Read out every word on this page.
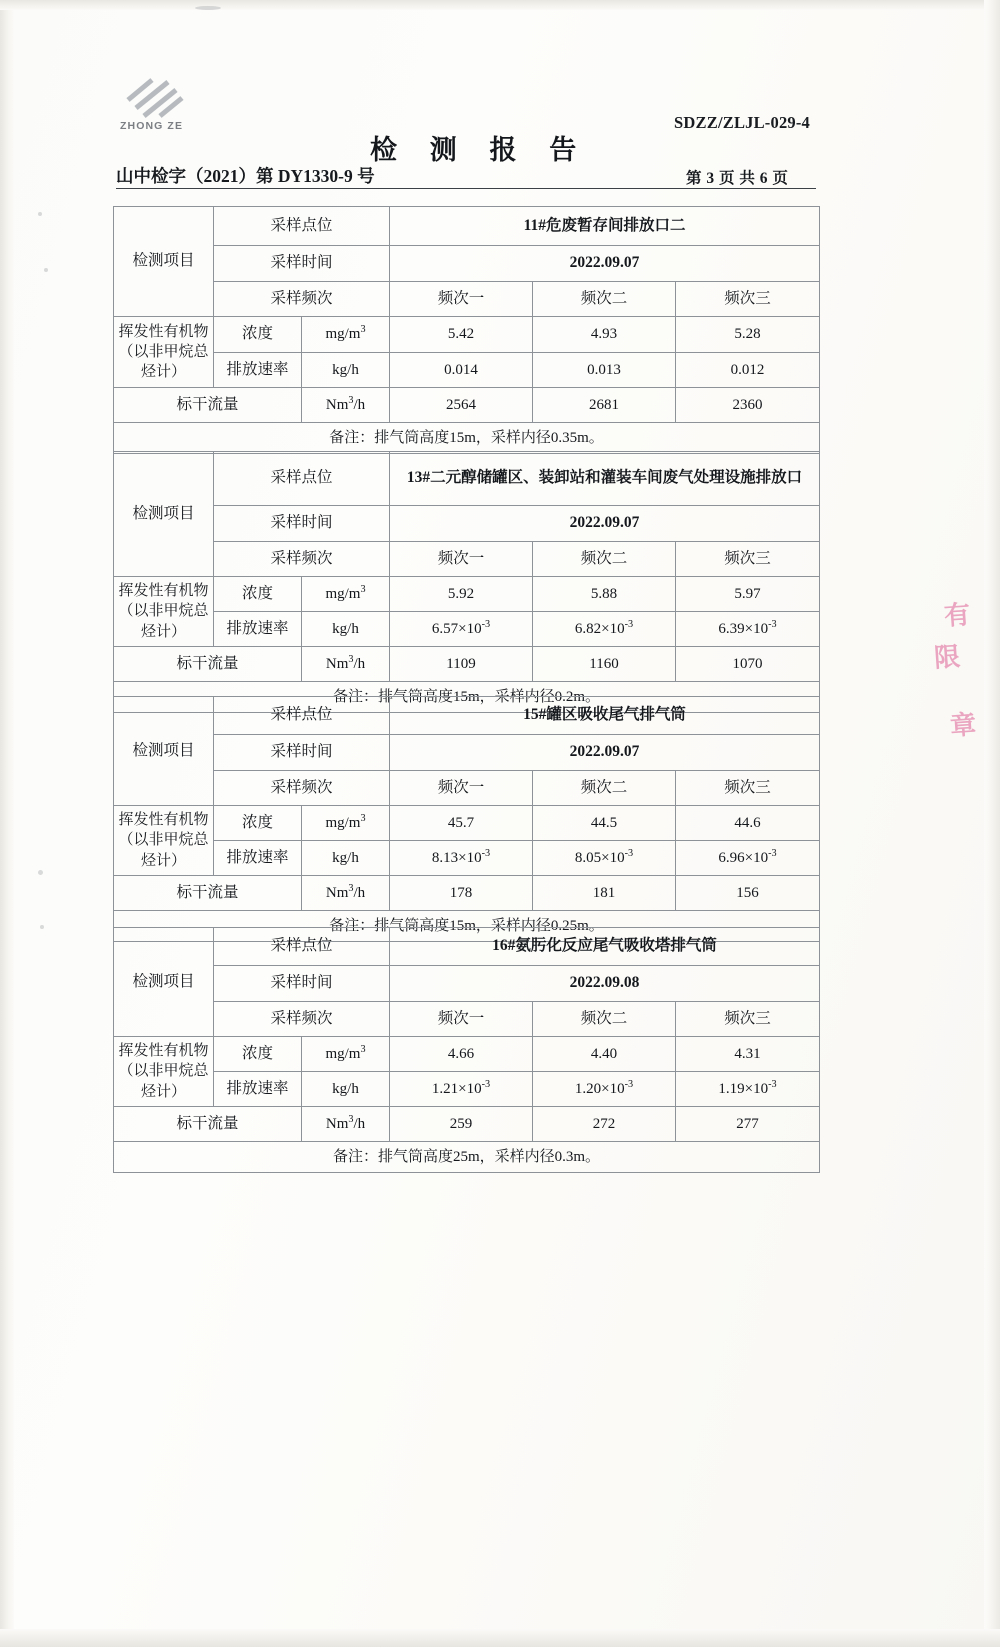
ZHONG ZE	SDZZ/ZLJL-029-4
检 测 报 告
山中检字（2021）第 DY1330-9 号	第 3 页 共 6 页
有
限
章
检测项目	采样点位		11#危废暂存间排放口二		
	采样时间		2022.09.07		
	采样频次		频次一	频次二	频次三
挥发性有机物（以非甲烷总烃计）	浓度	$mg/m^3$	5.42	4.93	5.28
	排放速率	kg/h	0.014	0.013	0.012
标干流量		Nm$^3$/h	2564	2681	2360
备注：排气筒高度15m，采样内径0.35m。					
检测项目	采样点位		13#二元醇储罐区、装卸站和灌装车间废气处理设施排放口		
	采样时间		2022.09.07		
	采样频次		频次一	频次二	频次三
挥发性有机物（以非甲烷总烃计）	浓度	$mg/m^3$	5.92	5.88	5.97
	排放速率	kg/h	$6.57\times 10^{-3}$	$6.82\times 10^{-3}$	$6.39\times 10^{-3}$
标干流量		Nm$^3$/h	1109	1160	1070
备注：排气筒高度15m，采样内径0.2m。					
检测项目	采样点位		15#罐区吸收尾气排气筒		
	采样时间		2022.09.07		
	采样频次		频次一	频次二	频次三
挥发性有机物（以非甲烷总烃计）	浓度	$mg/m^3$	45.7	44.5	44.6
	排放速率	kg/h	$8.13\times 10^{-3}$	$8.05\times 10^{-3}$	$6.96\times 10^{-3}$
标干流量		Nm$^3$/h	178	181	156
备注：排气筒高度15m，采样内径0.25m。					
检测项目	采样点位		16#氨肟化反应尾气吸收塔排气筒		
	采样时间		2022.09.08		
	采样频次		频次一	频次二	频次三
挥发性有机物（以非甲烷总烃计）	浓度	$mg/m^3$	4.66	4.40	4.31
	排放速率	kg/h	$1.21\times 10^{-3}$	$1.20\times 10^{-3}$	$1.19\times 10^{-3}$
标干流量		Nm$^3$/h	259	272	277
备注：排气筒高度25m，采样内径0.3m。					
